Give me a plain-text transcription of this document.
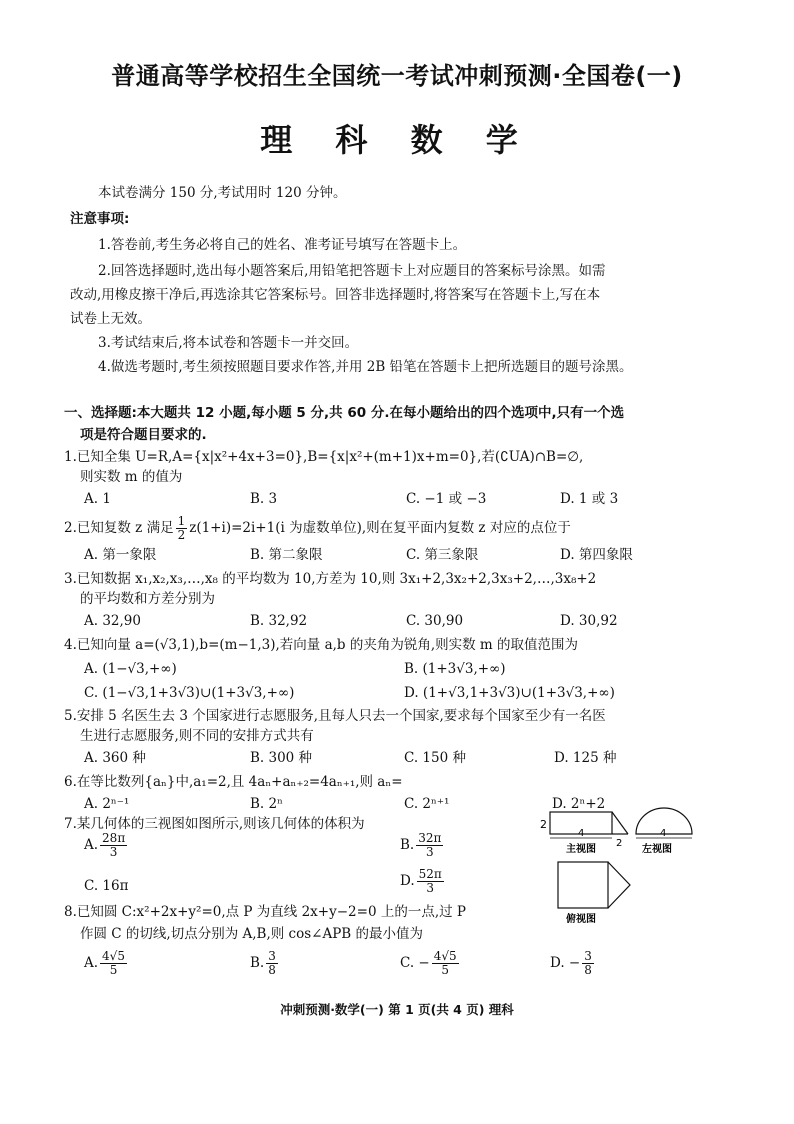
普通高等学校招生全国统一考试冲刺预测·全国卷(一)
理 科 数 学
本试卷满分 150 分,考试用时 120 分钟。
注意事项:
1.答卷前,考生务必将自己的姓名、准考证号填写在答题卡上。
2.回答选择题时,选出每小题答案后,用铅笔把答题卡上对应题目的答案标号涂黑。如需
改动,用橡皮擦干净后,再选涂其它答案标号。回答非选择题时,将答案写在答题卡上,写在本
试卷上无效。
3.考试结束后,将本试卷和答题卡一并交回。
4.做选考题时,考生须按照题目要求作答,并用 2B 铅笔在答题卡上把所选题目的题号涂黑。
一、选择题:本大题共 12 小题,每小题 5 分,共 60 分.在每小题给出的四个选项中,只有一个选
项是符合题目要求的.
1.已知全集 U=R,A={x|x²+4x+3=0},B={x|x²+(m+1)x+m=0},若(∁UA)∩B=∅,
则实数 m 的值为
A. 1	B. 3	C. −1 或 −3	D. 1 或 3
2.已知复数 z 满足 $\frac{1}{2} z(1+i)=2i+1(i$ 为虚数单位),则在复平面内复数 z 对应的点位于
A. 第一象限	B. 第二象限	C. 第三象限	D. 第四象限
3.已知数据 x₁,x₂,x₃,…,x₈ 的平均数为 10,方差为 10,则 3x₁+2,3x₂+2,3x₃+2,…,3x₈+2
的平均数和方差分别为
A. 32,90	B. 32,92	C. 30,90	D. 30,92
4.已知向量 a=(√3,1),b=(m−1,3),若向量 a,b 的夹角为锐角,则实数 m 的取值范围为
A. (1−√3,+∞)	B. (1+3√3,+∞)
C. (1−√3,1+3√3)∪(1+3√3,+∞)	D. (1+√3,1+3√3)∪(1+3√3,+∞)
5.安排 5 名医生去 3 个国家进行志愿服务,且每人只去一个国家,要求每个国家至少有一名医
生进行志愿服务,则不同的安排方式共有
A. 360 种	B. 300 种	C. 150 种	D. 125 种
6.在等比数列{aₙ}中,a₁=2,且 4aₙ+aₙ₊₂=4aₙ₊₁,则 aₙ=
A. 2ⁿ⁻¹	B. 2ⁿ	C. 2ⁿ⁺¹	D. 2ⁿ+2
7.某几何体的三视图如图所示,则该几何体的体积为
A. $\frac{28\pi}{3}$	B. $\frac{32\pi}{3}$
C. 16π	D. $\frac{52\pi}{3}$
2
4
2
主视图
4
左视图
俯视图
8.已知圆 C:x²+2x+y²=0,点 P 为直线 2x+y−2=0 上的一点,过 P
作圆 C 的切线,切点分别为 A,B,则 cos∠APB 的最小值为
A. $\frac{4√5}{5}$	B. $\frac{3}{8}$	C. − $\frac{4√5}{5}$	D. − $\frac{3}{8}$
冲刺预测·数学(一) 第 1 页(共 4 页) 理科
